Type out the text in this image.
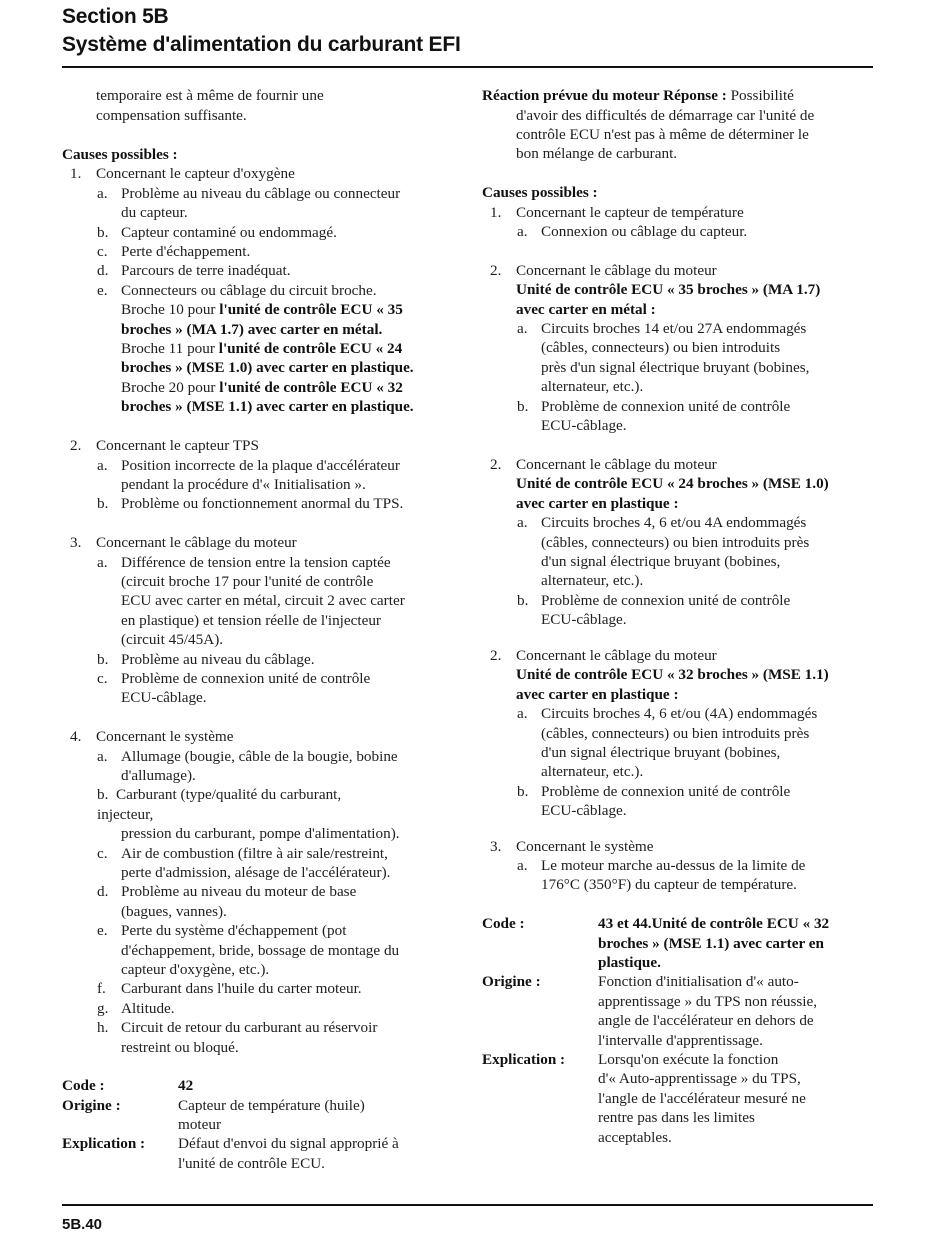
Section 5B
Système d'alimentation du carburant EFI
temporaire est à même de fournir une
compensation suffisante.
Causes possibles :
1. Concernant le capteur d'oxygène
a. Problème au niveau du câblage ou connecteur
du capteur.
b. Capteur contaminé ou endommagé.
c. Perte d'échappement.
d. Parcours de terre inadéquat.
e. Connecteurs ou câblage du circuit broche.
Broche 10 pour l'unité de contrôle ECU « 35
broches » (MA 1.7) avec carter en métal.
Broche 11 pour l'unité de contrôle ECU « 24
broches » (MSE 1.0) avec carter en plastique.
Broche 20 pour l'unité de contrôle ECU « 32
broches » (MSE 1.1) avec carter en plastique.
2. Concernant le capteur TPS
a. Position incorrecte de la plaque d'accélérateur
pendant la procédure d'« Initialisation ».
b. Problème ou fonctionnement anormal du TPS.
3. Concernant le câblage du moteur
a. Différence de tension entre la tension captée
(circuit broche 17 pour l'unité de contrôle
ECU avec carter en métal, circuit 2 avec carter
en plastique) et tension réelle de l'injecteur
(circuit 45/45A).
b. Problème au niveau du câblage.
c. Problème de connexion unité de contrôle
ECU-câblage.
4. Concernant le système
a. Allumage (bougie, câble de la bougie, bobine
d'allumage).
b.  Carburant (type/qualité du carburant,
injecteur,
pression du carburant, pompe d'alimentation).
c. Air de combustion (filtre à air sale/restreint,
perte d'admission, alésage de l'accélérateur).
d. Problème au niveau du moteur de base
(bagues, vannes).
e. Perte du système d'échappement (pot
d'échappement, bride, bossage de montage du
capteur d'oxygène, etc.).
f. Carburant dans l'huile du carter moteur.
g. Altitude.
h. Circuit de retour du carburant au réservoir
restreint ou bloqué.
Code :	42
Origine :	Capteur de température (huile)
moteur
Explication : Défaut d'envoi du signal approprié à
l'unité de contrôle ECU.
Réaction prévue du moteur Réponse : Possibilité
d'avoir des difficultés de démarrage car l'unité de
contrôle ECU n'est pas à même de déterminer le
bon mélange de carburant.
Causes possibles :
1. Concernant le capteur de température
a. Connexion ou câblage du capteur.
2. Concernant le câblage du moteur
Unité de contrôle ECU « 35 broches » (MA 1.7)
avec carter en métal :
a. Circuits broches 14 et/ou 27A endommagés
(câbles, connecteurs) ou bien introduits
près d'un signal électrique bruyant (bobines,
alternateur, etc.).
b. Problème de connexion unité de contrôle
ECU-câblage.
2. Concernant le câblage du moteur
Unité de contrôle ECU « 24 broches » (MSE 1.0)
avec carter en plastique :
a. Circuits broches 4, 6 et/ou 4A endommagés
(câbles, connecteurs) ou bien introduits près
d'un signal électrique bruyant (bobines,
alternateur, etc.).
b. Problème de connexion unité de contrôle
ECU-câblage.
2. Concernant le câblage du moteur
Unité de contrôle ECU « 32 broches » (MSE 1.1)
avec carter en plastique :
a. Circuits broches 4, 6 et/ou (4A) endommagés
(câbles, connecteurs) ou bien introduits près
d'un signal électrique bruyant (bobines,
alternateur, etc.).
b. Problème de connexion unité de contrôle
ECU-câblage.
3. Concernant le système
a. Le moteur marche au-dessus de la limite de
176°C (350°F) du capteur de température.
Code :	43 et 44.Unité de contrôle ECU « 32
broches » (MSE 1.1) avec carter en
plastique.
Origine :	Fonction d'initialisation d'« auto-
apprentissage » du TPS non réussie,
angle de l'accélérateur en dehors de
l'intervalle d'apprentissage.
Explication : Lorsqu'on exécute la fonction
d'« Auto-apprentissage » du TPS,
l'angle de l'accélérateur mesuré ne
rentre pas dans les limites
acceptables.
5B.40
